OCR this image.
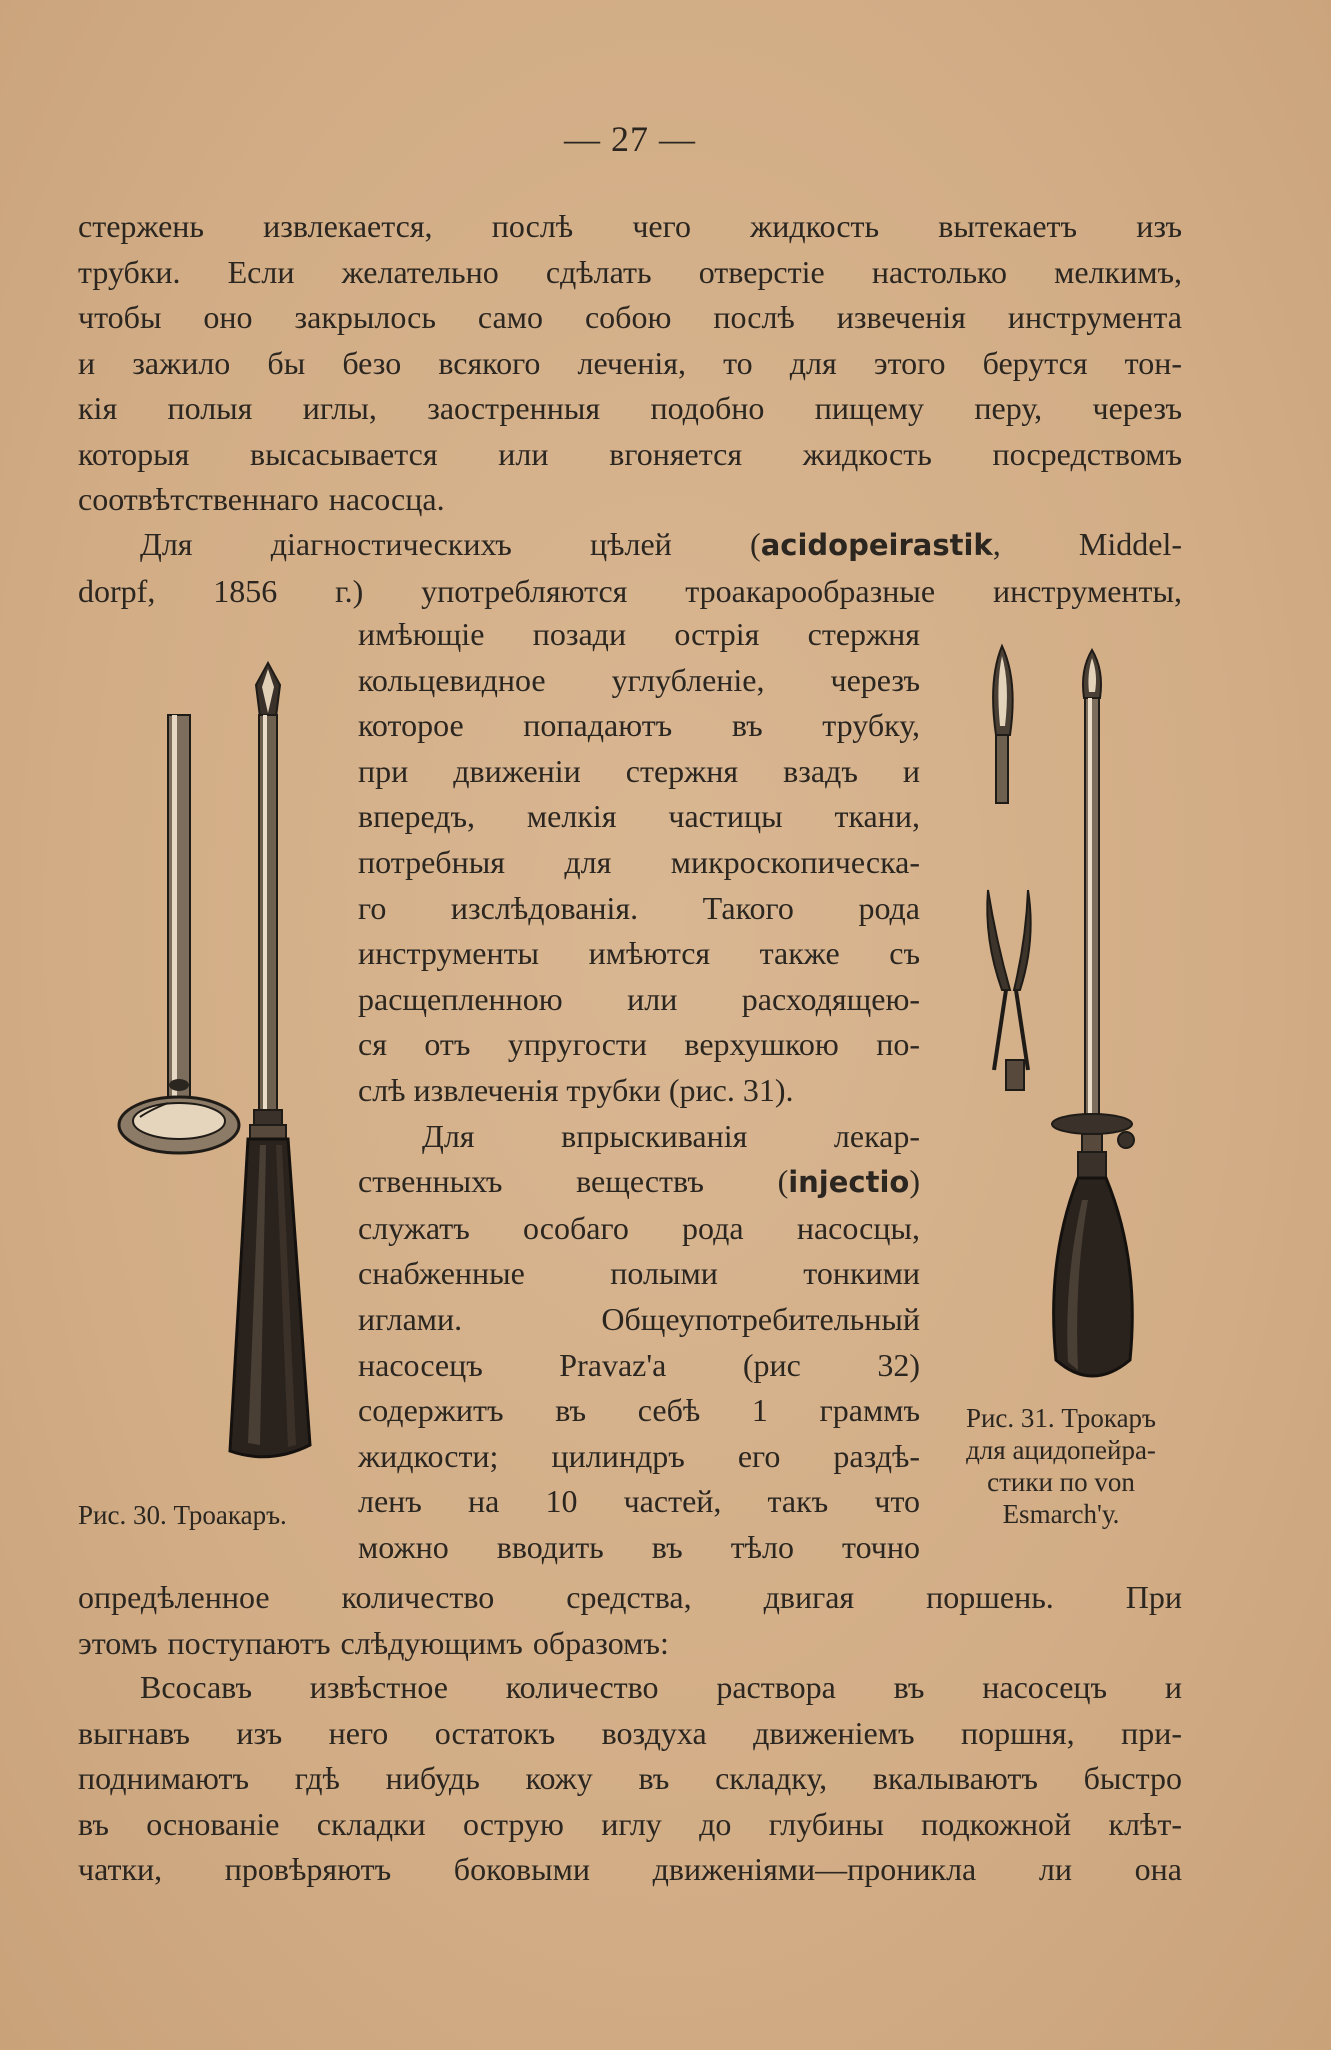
— 27 —
стержень извлекается, послѣ чего жидкость вытекаетъ изъ
трубки. Если желательно сдѣлать отверстіе настолько мелкимъ,
чтобы оно закрылось само собою послѣ извеченія инструмента
и зажило бы безо всякого леченія, то для этого берутся тон-
кія полыя иглы, заостренныя подобно пищему перу, черезъ
которыя высасывается или вгоняется жидкость посредствомъ
соотвѣтственнаго насосца.
Для діагностическихъ цѣлей (acidopeirastik, Middel-
dorpf, 1856 г.) употребляются троакарообразные инструменты,
имѣющіе позади острія стержня
кольцевидное углубленіе, черезъ
которое попадаютъ въ трубку,
при движеніи стержня взадъ и
впередъ, мелкія частицы ткани,
потребныя для микроскопическа-
го изслѣдованія. Такого рода
инструменты имѣются также съ
расщепленною или расходящею-
ся отъ упругости верхушкою по-
слѣ извлеченія трубки (рис. 31).
Для впрыскиванія лекар-
ственныхъ веществъ (injectio)
служатъ особаго рода насосцы,
снабженные полыми тонкими
иглами. Общеупотребительный
насосецъ Pravaz'а (рис 32)
содержитъ въ себѣ 1 граммъ
жидкости; цилиндръ его раздѣ-
ленъ на 10 частей, такъ что
можно вводить въ тѣло точно
опредѣленное количество средства, двигая поршень. При
этомъ поступаютъ слѣдующимъ образомъ:
Всосавъ извѣстное количество раствора въ насосецъ и
выгнавъ изъ него остатокъ воздуха движеніемъ поршня, при-
поднимаютъ гдѣ нибудь кожу въ складку, вкалываютъ быстро
въ основаніе складки острую иглу до глубины подкожной клѣт-
чатки, провѣряютъ боковыми движеніями—проникла ли она
Рис. 30. Троакаръ.
Рис. 31. Трокаръ
для ацидопейра-
стики по von
Esmarch'у.
